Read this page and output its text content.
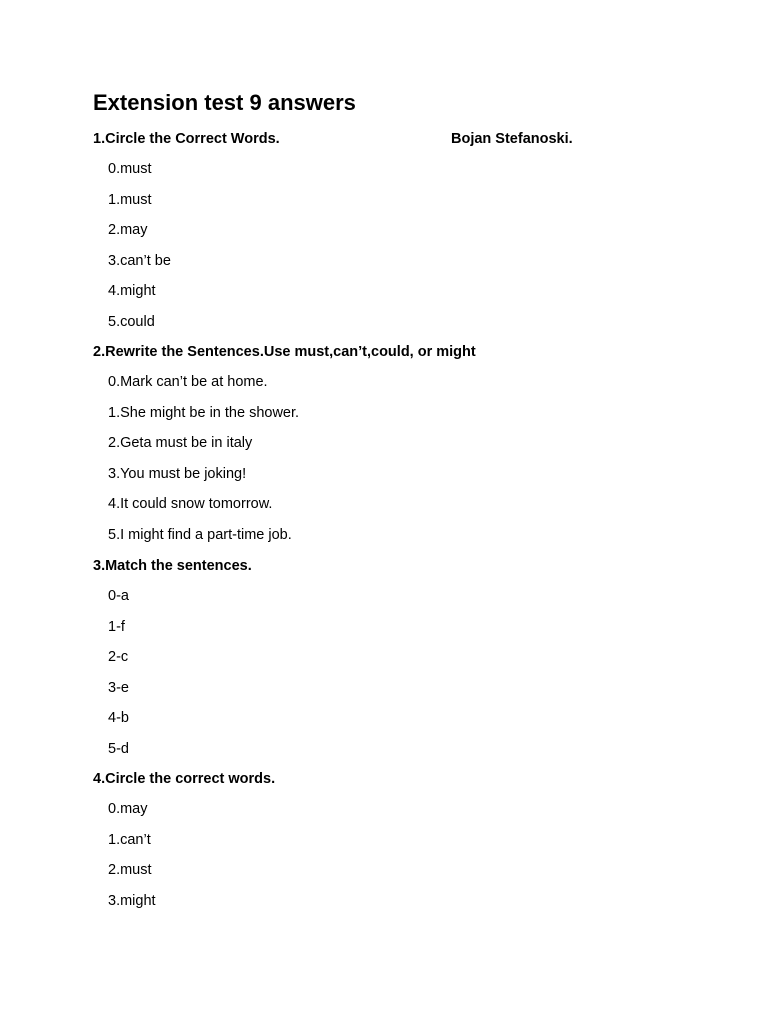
Extension test 9 answers
1.Circle the Correct Words.	Bojan Stefanoski.
0.must
1.must
2.may
3.can’t be
4.might
5.could
2.Rewrite the Sentences.Use must,can’t,could, or might
0.Mark can’t be at home.
1.She might be in the shower.
2.Geta must be in italy
3.You must be joking!
4.It could snow tomorrow.
5.I might find a part-time job.
3.Match the sentences.
0-a
1-f
2-c
3-e
4-b
5-d
4.Circle the correct words.
0.may
1.can’t
2.must
3.might
